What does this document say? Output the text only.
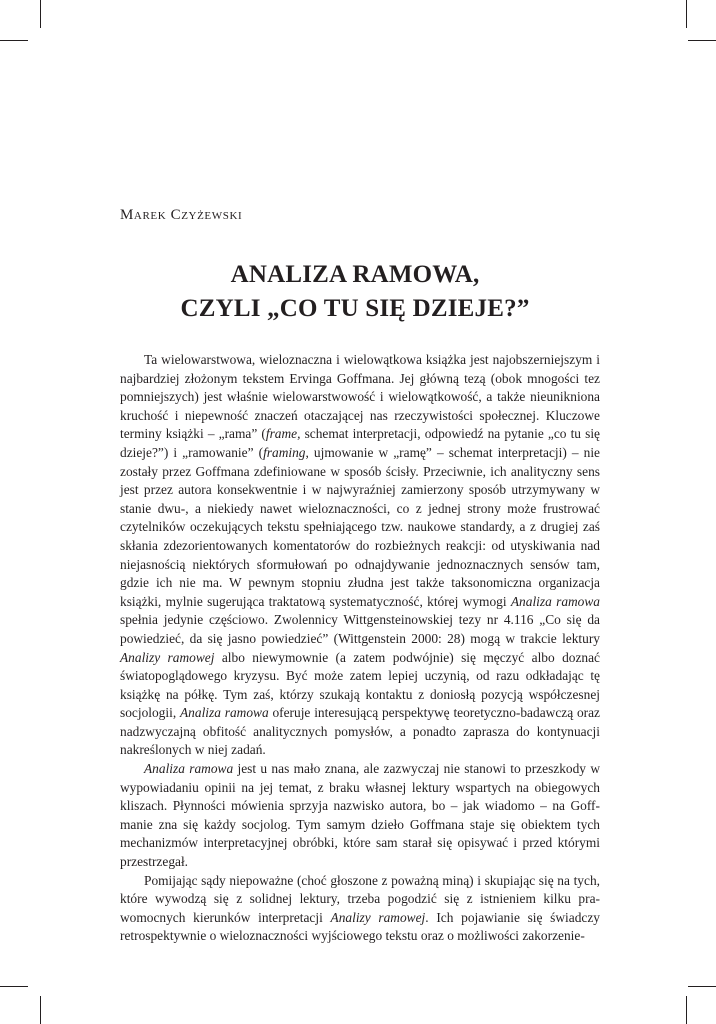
Marek Czyżewski
ANALIZA RAMOWA,
CZYLI „CO TU SIĘ DZIEJE?”

Ta wielowarstwowa, wieloznaczna i wielowątkowa książka jest najobszerniejszym i najbardziej złożonym tekstem Ervinga Goffmana. Jej główną tezą (obok mnogości tez pomniejszych) jest właśnie wielowarstwowość i wielowątkowość, a także nieunikniona kruchość i niepewność znaczeń otaczającej nas rzeczywistości społecznej. Kluczowe terminy książki – „rama” (frame, schemat interpretacji, odpowiedź na pytanie „co tu się dzieje?”) i „ramowanie” (framing, ujmowanie w „ramę” – schemat interpretacji) – nie zostały przez Goffmana zdefiniowane w sposób ścisły. Przeciwnie, ich analityczny sens jest przez autora konsekwentnie i w najwyraźniej zamierzony sposób utrzymywany w stanie dwu-, a niekiedy nawet wieloznaczności, co z jednej strony może frustrować czytelników oczekujących tekstu spełniającego tzw. naukowe standardy, a z drugiej zaś skłania zdezorientowanych komentatorów do rozbieżnych reakcji: od utyskiwania nad niejasnością niektórych sformułowań po odnajdywanie jednoznacznych sensów tam, gdzie ich nie ma. W pewnym stopniu złudna jest także taksonomiczna organizacja książki, mylnie sugerująca traktatową systematyczność, której wymogi Analiza ramowa spełnia jedynie częściowo. Zwolennicy Wittgensteinowskiej tezy nr 4.116 „Co się da powiedzieć, da się jasno powiedzieć” (Wittgenstein 2000: 28) mogą w trakcie lektury Analizy ramowej albo niewymownie (a zatem podwójnie) się męczyć albo doznać światopoglądowego kryzysu. Być może zatem lepiej uczynią, od razu odkładając tę książkę na półkę. Tym zaś, którzy szukają kontaktu z doniosłą pozycją współczesnej socjologii, Analiza ramowa oferuje interesującą perspektywę teoretyczno-badawczą oraz nadzwyczajną obfitość analitycznych pomysłów, a ponadto zaprasza do kontynuacji nakreślonych w niej zadań.

Analiza ramowa jest u nas mało znana, ale zazwyczaj nie stanowi to przeszkody w wypowiadaniu opinii na jej temat, z braku własnej lektury wspartych na obiegowych kliszach. Płynności mówienia sprzyja nazwisko autora, bo – jak wiadomo – na Goffmanie zna się każdy socjolog. Tym samym dzieło Goffmana staje się obiektem tych mechanizmów interpretacyjnej obróbki, które sam starał się opisywać i przed którymi przestrzegał.

Pomijając sądy niepoważne (choć głoszone z poważną miną) i skupiając się na tych, które wywodzą się z solidnej lektury, trzeba pogodzić się z istnieniem kilku prawomocnych kierunków interpretacji Analizy ramowej. Ich pojawianie się świadczy retrospektywnie o wieloznaczności wyjściowego tekstu oraz o możliwości zakorzenie-
